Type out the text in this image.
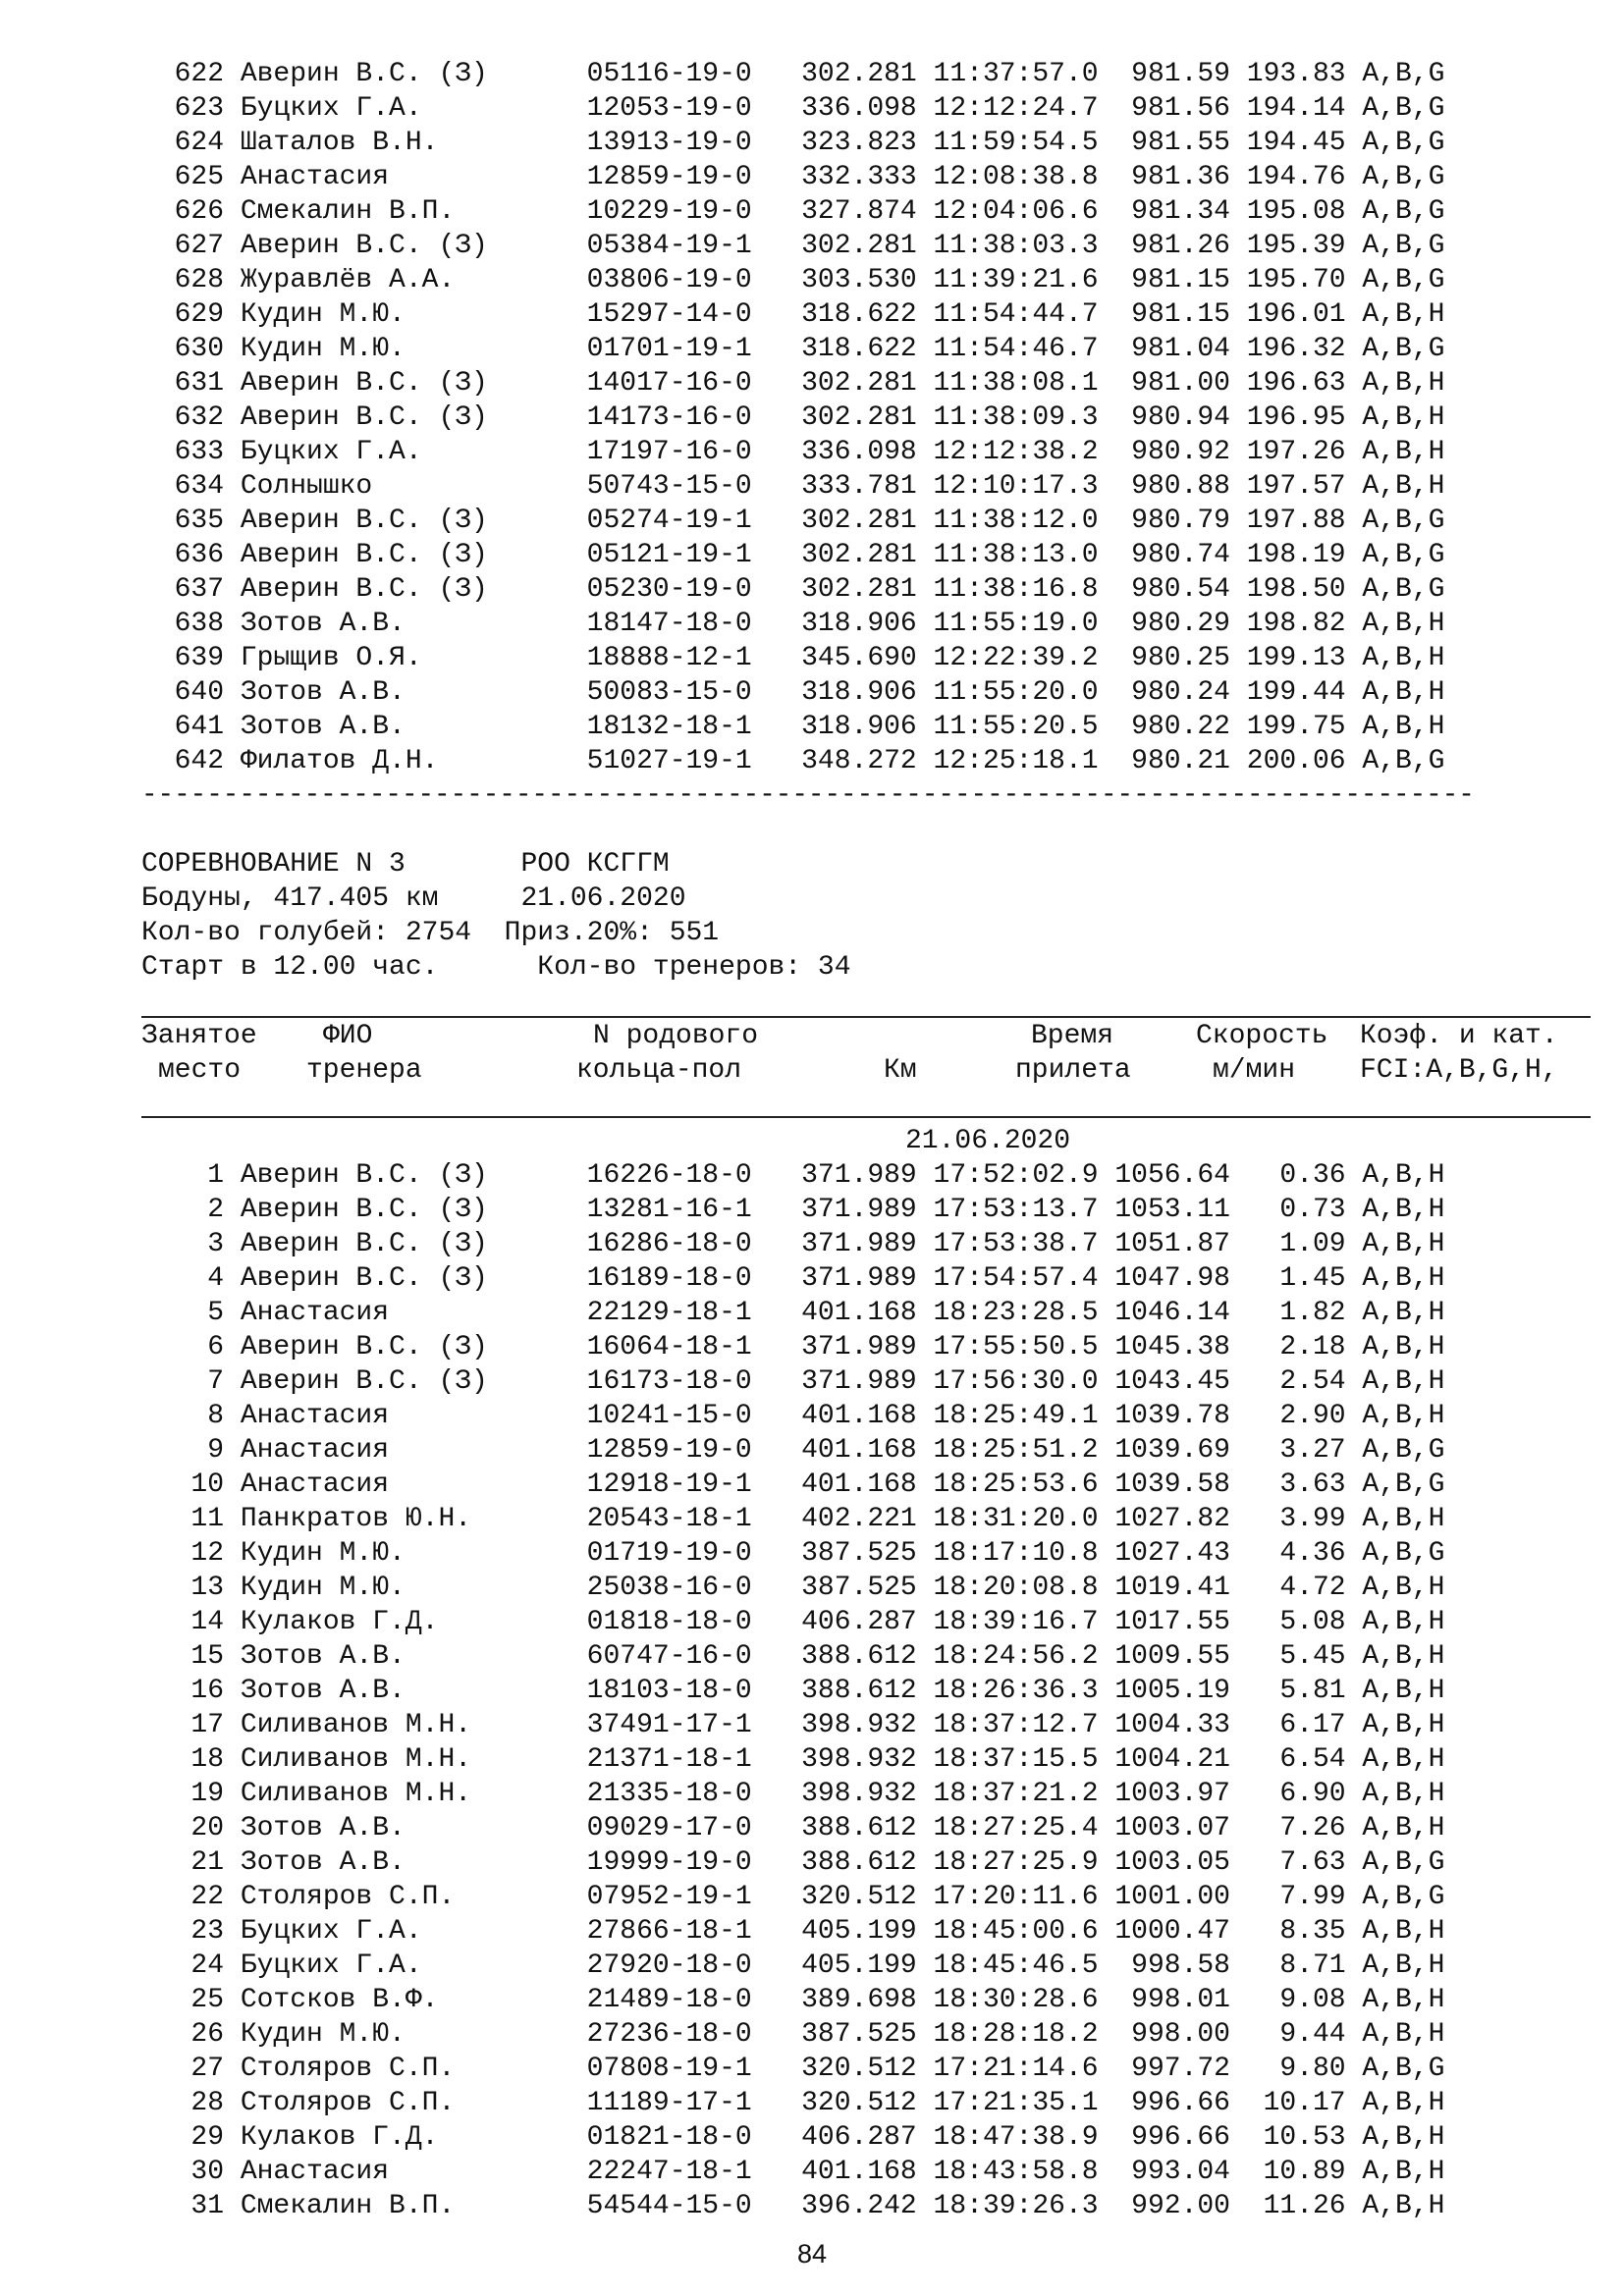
622 Аверин В.С. (З)      05116-19-0   302.281 11:37:57.0  981.59 193.83 A,B,G
623 Буцких Г.А.          12053-19-0   336.098 12:12:24.7  981.56 194.14 A,B,G
624 Шаталов В.Н.         13913-19-0   323.823 11:59:54.5  981.55 194.45 A,B,G
625 Анастасия            12859-19-0   332.333 12:08:38.8  981.36 194.76 A,B,G
626 Смекалин В.П.        10229-19-0   327.874 12:04:06.6  981.34 195.08 A,B,G
627 Аверин В.С. (З)      05384-19-1   302.281 11:38:03.3  981.26 195.39 A,B,G
628 Журавлёв А.А.        03806-19-0   303.530 11:39:21.6  981.15 195.70 A,B,G
629 Кудин М.Ю.           15297-14-0   318.622 11:54:44.7  981.15 196.01 A,B,H
630 Кудин М.Ю.           01701-19-1   318.622 11:54:46.7  981.04 196.32 A,B,G
631 Аверин В.С. (З)      14017-16-0   302.281 11:38:08.1  981.00 196.63 A,B,H
632 Аверин В.С. (З)      14173-16-0   302.281 11:38:09.3  980.94 196.95 A,B,H
633 Буцких Г.А.          17197-16-0   336.098 12:12:38.2  980.92 197.26 A,B,H
634 Солнышко             50743-15-0   333.781 12:10:17.3  980.88 197.57 A,B,H
635 Аверин В.С. (З)      05274-19-1   302.281 11:38:12.0  980.79 197.88 A,B,G
636 Аверин В.С. (З)      05121-19-1   302.281 11:38:13.0  980.74 198.19 A,B,G
637 Аверин В.С. (З)      05230-19-0   302.281 11:38:16.8  980.54 198.50 A,B,G
638 Зотов А.В.           18147-18-0   318.906 11:55:19.0  980.29 198.82 A,B,H
639 Грыщив О.Я.          18888-12-1   345.690 12:22:39.2  980.25 199.13 A,B,H
640 Зотов А.В.           50083-15-0   318.906 11:55:20.0  980.24 199.44 A,B,H
641 Зотов А.В.           18132-18-1   318.906 11:55:20.5  980.22 199.75 A,B,H
642 Филатов Д.Н.         51027-19-1   348.272 12:25:18.1  980.21 200.06 A,B,G
----------------------------------------------------------------------------------
СОРЕВНОВАНИЕ N 3       РОО КСГГМ
Бодуны, 417.405 км     21.06.2020
Кол-во голубей: 2754  Приз.20%: 551
Старт в 12.00 час.      Кол-во тренеров: 34
Занятое
место
ФИО
тренера
N родового
кольца-пол	Км
Время
прилета
Скорость
м/мин
Коэф. и кат.
FCI:A,B,G,H,
21.06.2020
1 Аверин В.С. (З)      16226-18-0   371.989 17:52:02.9 1056.64   0.36 A,B,H
2 Аверин В.С. (З)      13281-16-1   371.989 17:53:13.7 1053.11   0.73 A,B,H
3 Аверин В.С. (З)      16286-18-0   371.989 17:53:38.7 1051.87   1.09 A,B,H
4 Аверин В.С. (З)      16189-18-0   371.989 17:54:57.4 1047.98   1.45 A,B,H
5 Анастасия            22129-18-1   401.168 18:23:28.5 1046.14   1.82 A,B,H
6 Аверин В.С. (З)      16064-18-1   371.989 17:55:50.5 1045.38   2.18 A,B,H
7 Аверин В.С. (З)      16173-18-0   371.989 17:56:30.0 1043.45   2.54 A,B,H
8 Анастасия            10241-15-0   401.168 18:25:49.1 1039.78   2.90 A,B,H
9 Анастасия            12859-19-0   401.168 18:25:51.2 1039.69   3.27 A,B,G
10 Анастасия            12918-19-1   401.168 18:25:53.6 1039.58   3.63 A,B,G
11 Панкратов Ю.Н.       20543-18-1   402.221 18:31:20.0 1027.82   3.99 A,B,H
12 Кудин М.Ю.           01719-19-0   387.525 18:17:10.8 1027.43   4.36 A,B,G
13 Кудин М.Ю.           25038-16-0   387.525 18:20:08.8 1019.41   4.72 A,B,H
14 Кулаков Г.Д.         01818-18-0   406.287 18:39:16.7 1017.55   5.08 A,B,H
15 Зотов А.В.           60747-16-0   388.612 18:24:56.2 1009.55   5.45 A,B,H
16 Зотов А.В.           18103-18-0   388.612 18:26:36.3 1005.19   5.81 A,B,H
17 Силиванов М.Н.       37491-17-1   398.932 18:37:12.7 1004.33   6.17 A,B,H
18 Силиванов М.Н.       21371-18-1   398.932 18:37:15.5 1004.21   6.54 A,B,H
19 Силиванов М.Н.       21335-18-0   398.932 18:37:21.2 1003.97   6.90 A,B,H
20 Зотов А.В.           09029-17-0   388.612 18:27:25.4 1003.07   7.26 A,B,H
21 Зотов А.В.           19999-19-0   388.612 18:27:25.9 1003.05   7.63 A,B,G
22 Столяров С.П.        07952-19-1   320.512 17:20:11.6 1001.00   7.99 A,B,G
23 Буцких Г.А.          27866-18-1   405.199 18:45:00.6 1000.47   8.35 A,B,H
24 Буцких Г.А.          27920-18-0   405.199 18:45:46.5  998.58   8.71 A,B,H
25 Сотсков В.Ф.         21489-18-0   389.698 18:30:28.6  998.01   9.08 A,B,H
26 Кудин М.Ю.           27236-18-0   387.525 18:28:18.2  998.00   9.44 A,B,H
27 Столяров С.П.        07808-19-1   320.512 17:21:14.6  997.72   9.80 A,B,G
28 Столяров С.П.        11189-17-1   320.512 17:21:35.1  996.66  10.17 A,B,H
29 Кулаков Г.Д.         01821-18-0   406.287 18:47:38.9  996.66  10.53 A,B,H
30 Анастасия            22247-18-1   401.168 18:43:58.8  993.04  10.89 A,B,H
31 Смекалин В.П.        54544-15-0   396.242 18:39:26.3  992.00  11.26 A,B,H
84
